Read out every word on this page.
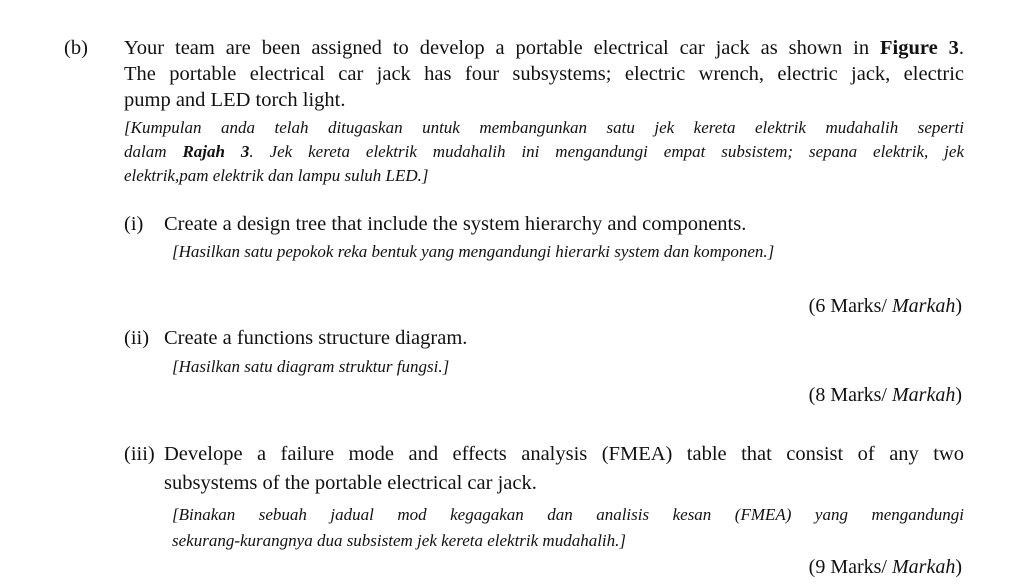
(b) Your team are been assigned to develop a portable electrical car jack as shown in Figure 3.
The portable electrical car jack has four subsystems; electric wrench, electric jack, electric
pump and LED torch light.
[Kumpulan anda telah ditugaskan untuk membangunkan satu jek kereta elektrik mudahalih seperti
dalam Rajah 3. Jek kereta elektrik mudahalih ini mengandungi empat subsistem; sepana elektrik, jek
elektrik,pam elektrik dan lampu suluh LED.]
(i) Create a design tree that include the system hierarchy and components.
[Hasilkan satu pepokok reka bentuk yang mengandungi hierarki system dan komponen.]
(6 Marks/ Markah)
(ii) Create a functions structure diagram.
[Hasilkan satu diagram struktur fungsi.]
(8 Marks/ Markah)
(iii) Develope a failure mode and effects analysis (FMEA) table that consist of any two
subsystems of the portable electrical car jack.
[Binakan sebuah jadual mod kegagakan dan analisis kesan (FMEA) yang mengandungi
sekurang-kurangnya dua subsistem jek kereta elektrik mudahalih.]
(9 Marks/ Markah)
